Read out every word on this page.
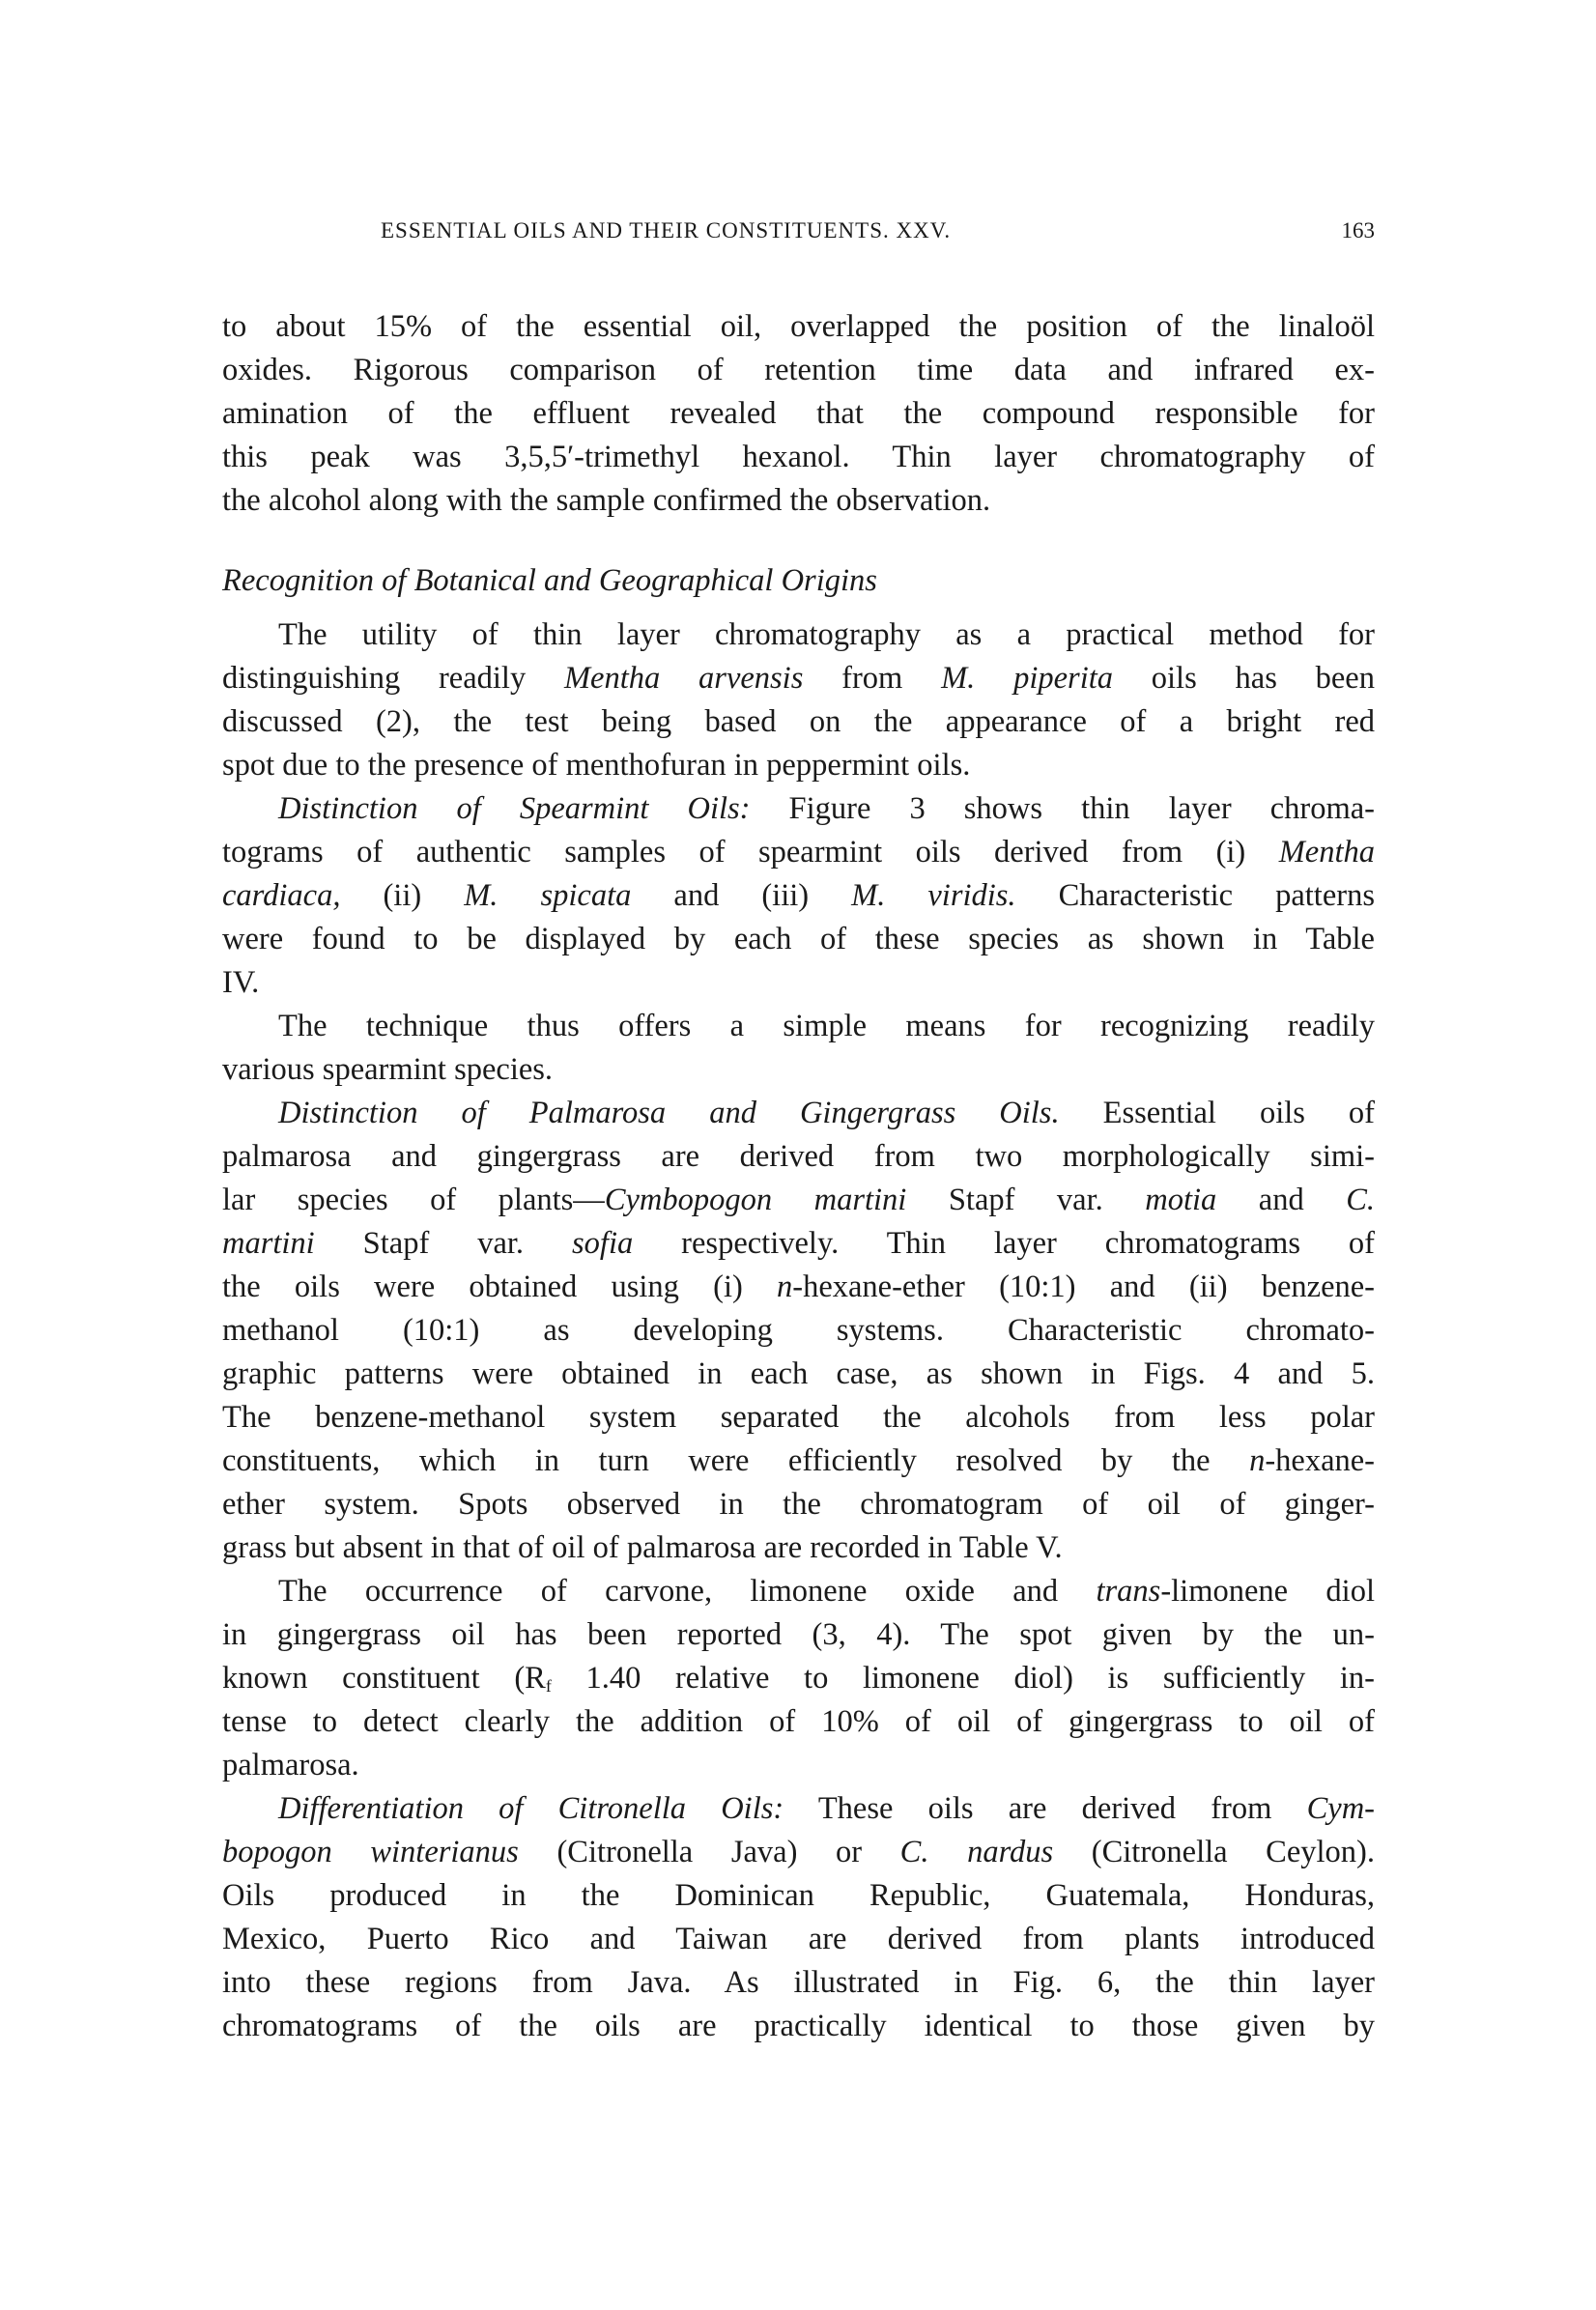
ESSENTIAL OILS AND THEIR CONSTITUENTS. XXV.	163
to about 15% of the essential oil, overlapped the position of the linaloöl
oxides. Rigorous comparison of retention time data and infrared ex-
amination of the effluent revealed that the compound responsible for
this peak was 3,5,5′-trimethyl hexanol. Thin layer chromatography of
the alcohol along with the sample confirmed the observation.
Recognition of Botanical and Geographical Origins
The utility of thin layer chromatography as a practical method for
distinguishing readily Mentha arvensis from M. piperita oils has been
discussed (2), the test being based on the appearance of a bright red
spot due to the presence of menthofuran in peppermint oils.
Distinction of Spearmint Oils: Figure 3 shows thin layer chroma-
tograms of authentic samples of spearmint oils derived from (i) Mentha
cardiaca, (ii) M. spicata and (iii) M. viridis. Characteristic patterns
were found to be displayed by each of these species as shown in Table
IV.
The technique thus offers a simple means for recognizing readily
various spearmint species.
Distinction of Palmarosa and Gingergrass Oils. Essential oils of
palmarosa and gingergrass are derived from two morphologically simi-
lar species of plants—Cymbopogon martini Stapf var. motia and C.
martini Stapf var. sofia respectively. Thin layer chromatograms of
the oils were obtained using (i) n-hexane-ether (10:1) and (ii) benzene-
methanol (10:1) as developing systems. Characteristic chromato-
graphic patterns were obtained in each case, as shown in Figs. 4 and 5.
The benzene-methanol system separated the alcohols from less polar
constituents, which in turn were efficiently resolved by the n-hexane-
ether system. Spots observed in the chromatogram of oil of ginger-
grass but absent in that of oil of palmarosa are recorded in Table V.
The occurrence of carvone, limonene oxide and trans-limonene diol
in gingergrass oil has been reported (3, 4). The spot given by the un-
known constituent ($R_f$ 1.40 relative to limonene diol) is sufficiently in-
tense to detect clearly the addition of 10% of oil of gingergrass to oil of
palmarosa.
Differentiation of Citronella Oils: These oils are derived from Cym-
bopogon winterianus (Citronella Java) or C. nardus (Citronella Ceylon).
Oils produced in the Dominican Republic, Guatemala, Honduras,
Mexico, Puerto Rico and Taiwan are derived from plants introduced
into these regions from Java. As illustrated in Fig. 6, the thin layer
chromatograms of the oils are practically identical to those given by
